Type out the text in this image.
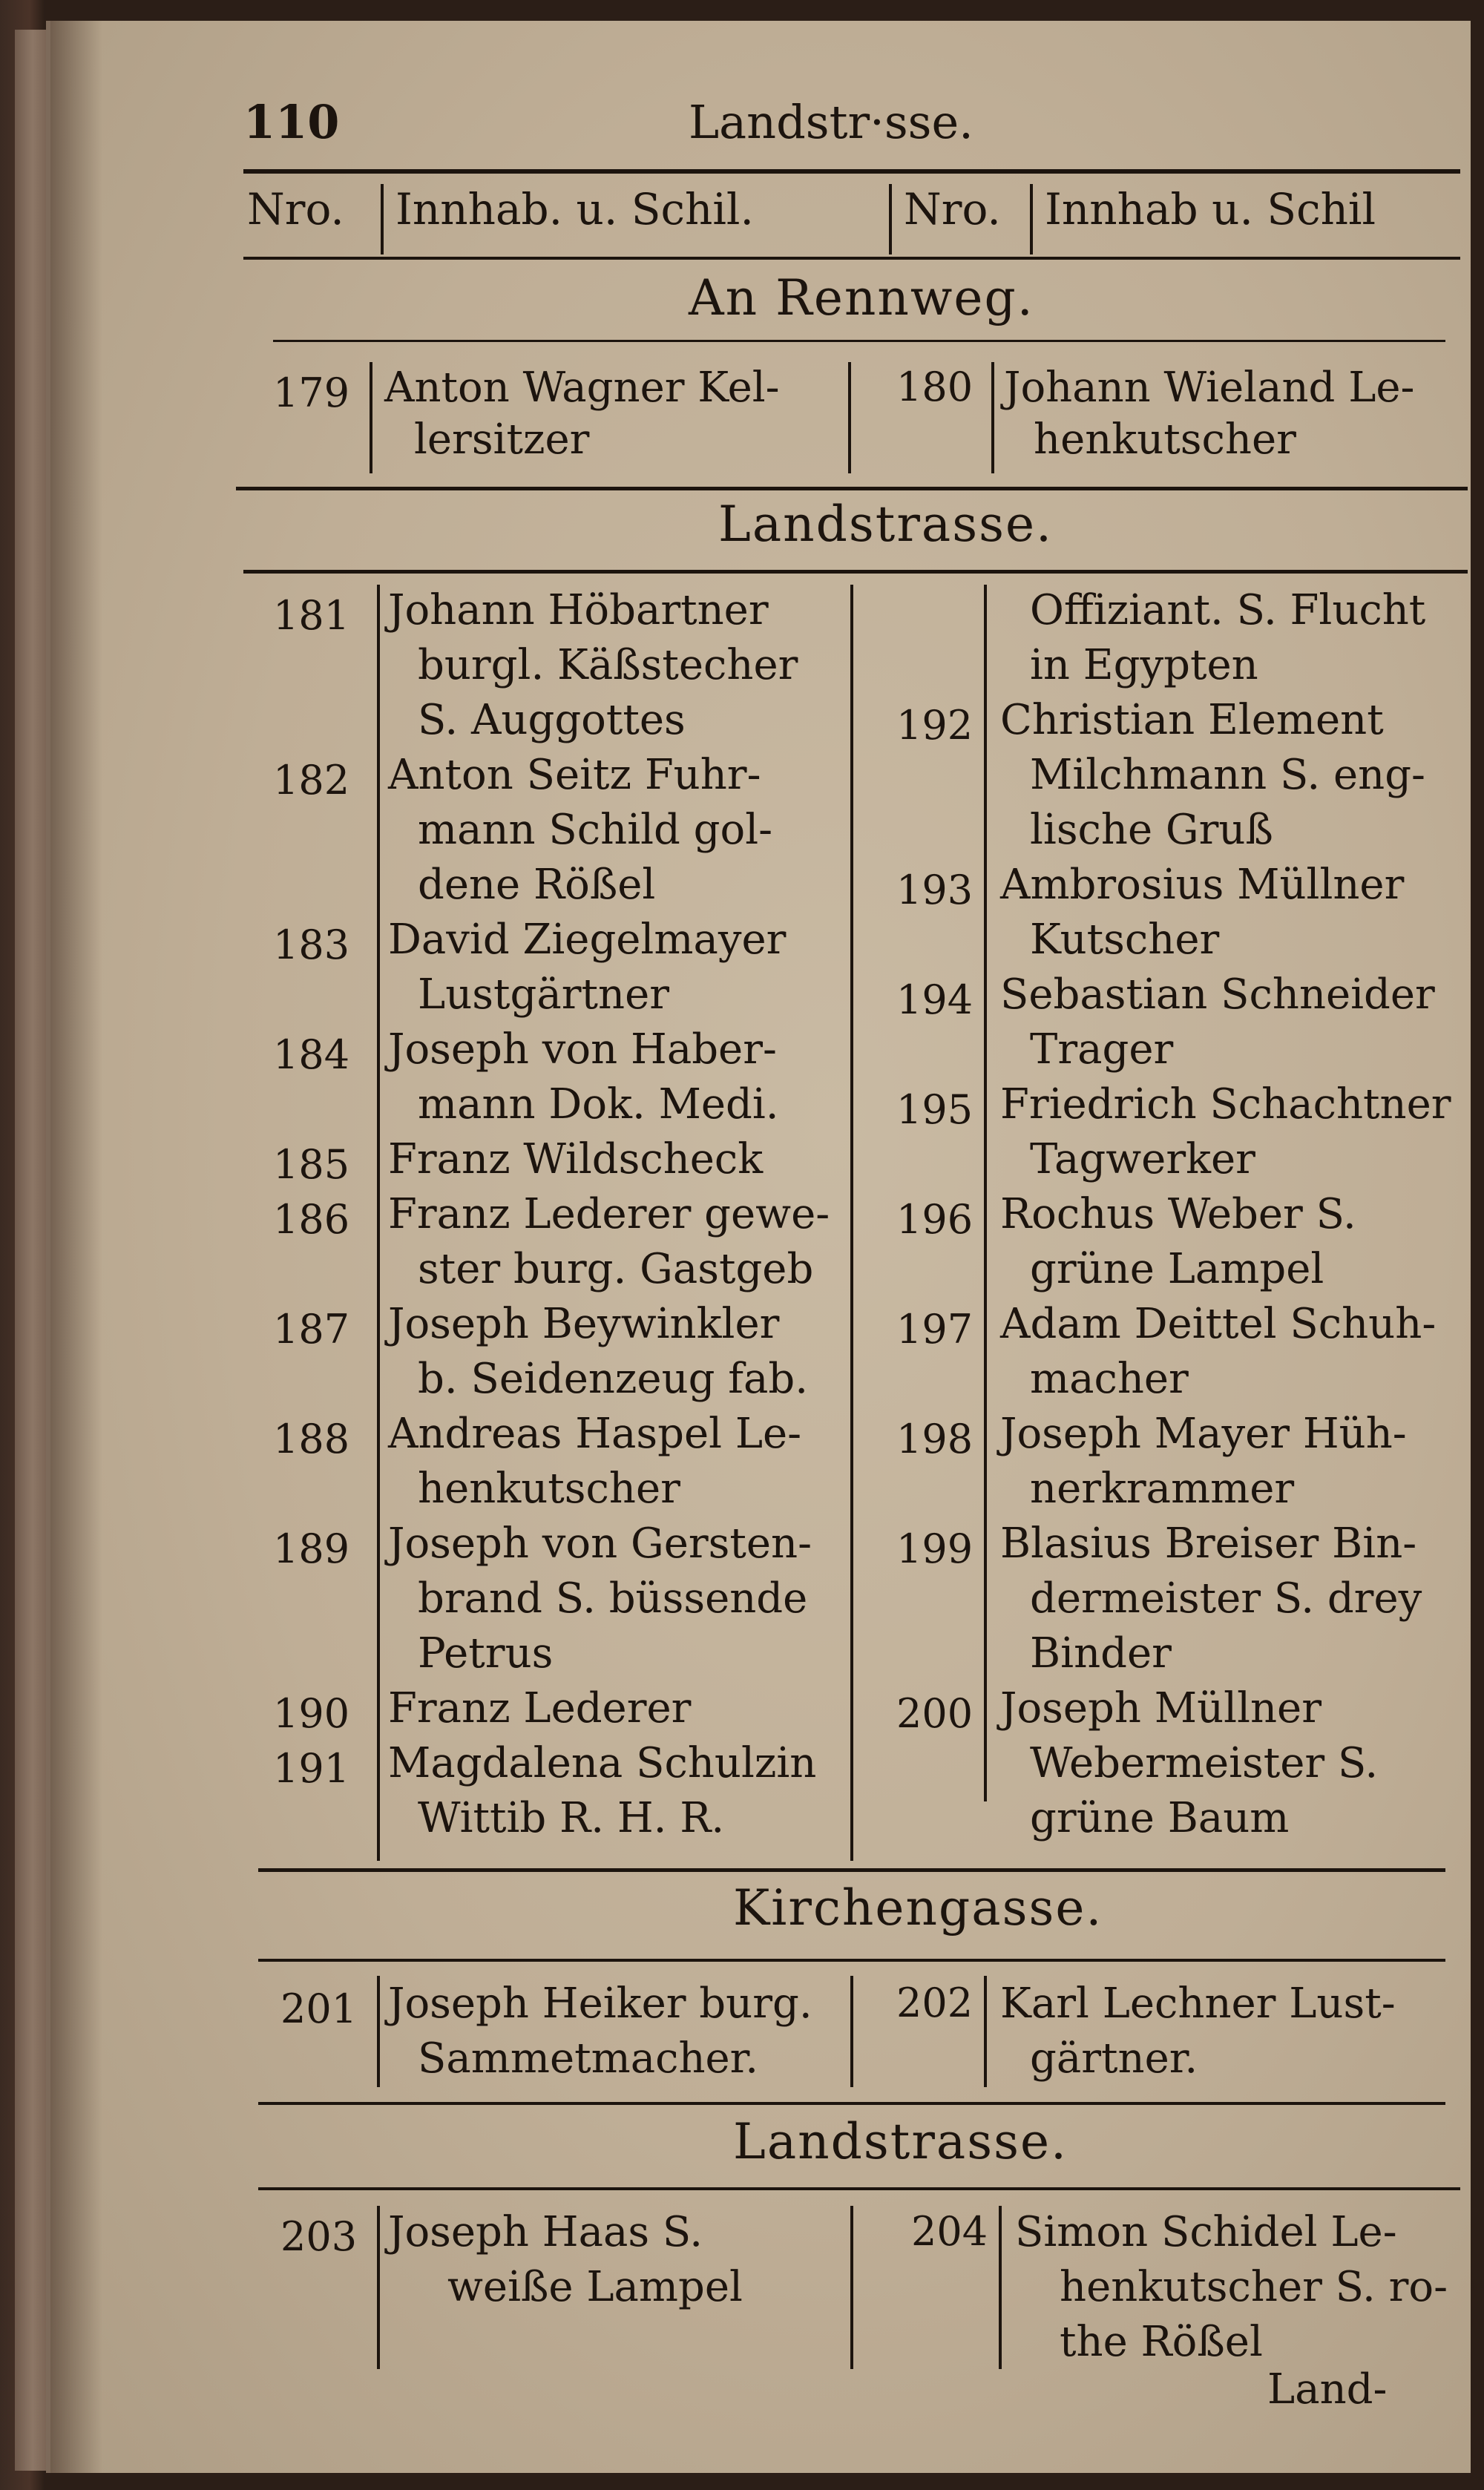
110	Landstr·sse.
Nro. Innhab. u. Schil.	Nro. Innhab u. Schil
An Rennweg.
179 Anton Wagner Kel-
lersitzer
180 Johann Wieland Le-
henkutscher
Landstrasse.
181 Johann Höbartner
burgl. Käßstecher
S. Auggottes
182 Anton Seitz Fuhr-
mann Schild gol-
dene Rößel
183 David Ziegelmayer
Lustgärtner
184 Joseph von Haber-
mann Dok. Medi.
185 Franz Wildscheck
186 Franz Lederer gewe-
ster burg. Gastgeb
187 Joseph Beywinkler
b. Seidenzeug fab.
188 Andreas Haspel Le-
henkutscher
189 Joseph von Gersten-
brand S. büssende
Petrus
190 Franz Lederer
191 Magdalena Schulzin
Wittib R. H. R.
Offiziant. S. Flucht
in Egypten
192 Christian Element
Milchmann S. eng-
lische Gruß
193 Ambrosius Müllner
Kutscher
194 Sebastian Schneider
Trager
195 Friedrich Schachtner
Tagwerker
196 Rochus Weber S.
grüne Lampel
197 Adam Deittel Schuh-
macher
198 Joseph Mayer Hüh-
nerkrammer
199 Blasius Breiser Bin-
dermeister S. drey
Binder
200 Joseph Müllner
Webermeister S.
grüne Baum
Kirchengasse.
201 Joseph Heiker burg.
Sammetmacher.
202 Karl Lechner Lust-
gärtner.
Landstrasse.
203 Joseph Haas S.
weiße Lampel
204 Simon Schidel Le-
henkutscher S. ro-
the Rößel
Land-
